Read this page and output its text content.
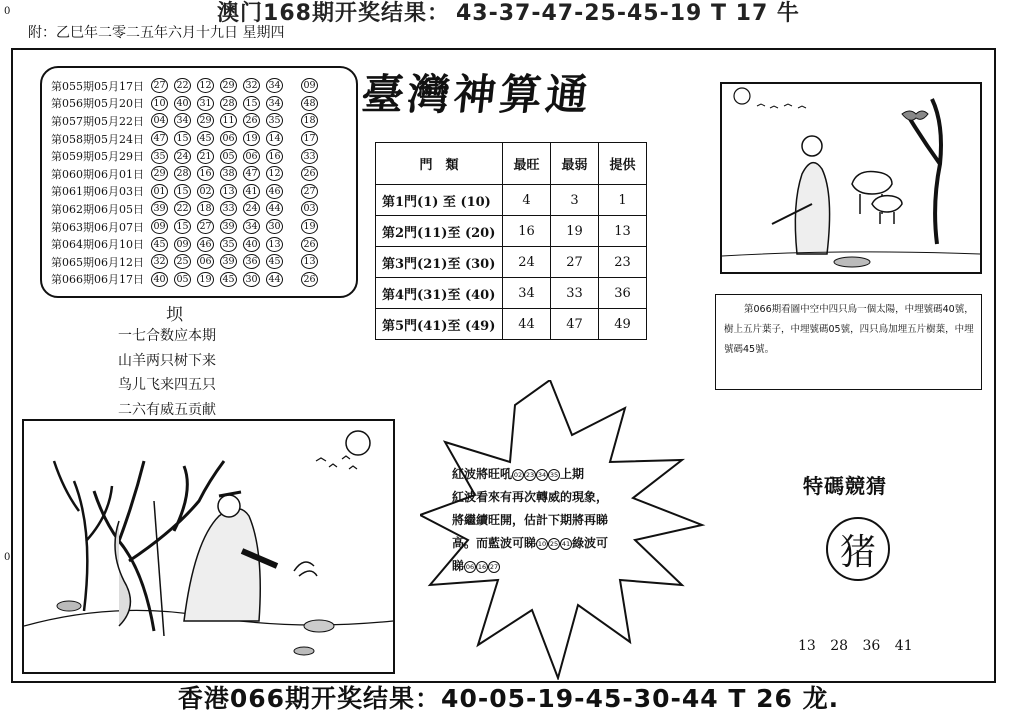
澳门168期开奖结果： 43-37-47-25-45-19 T 17 牛
附：乙巳年二零二五年六月十九日 星期四
0
0
第055期05月17日 27 22 12 29 32 34 09
第056期05月20日 10 40 31 28 15 34 48
第057期05月22日 04 34 29 11 26 35 18
第058期05月24日 47 15 45 06 19 14 17
第059期05月29日 35 24 21 05 06 16 33
第060期06月01日 29 28 16 38 47 12 26
第061期06月03日 01 15 02 13 41 46 27
第062期06月05日 39 22 18 33 24 44 03
第063期06月07日 09 15 27 39 34 30 19
第064期06月10日 45 09 46 35 40 13 26
第065期06月12日 32 25 06 39 36 45 13
第066期06月17日 40 05 19 45 30 44 26
臺灣神算通
門　類	最旺	最弱	提供
第1門(1) 至 (10)	4	3	1
第2門(11)至 (20)	16	19	13
第3門(21)至 (30)	24	27	23
第4門(31)至 (40)	34	33	36
第5門(41)至 (49)	44	47	49
坝
一七合数应本期
山羊两只树下来
鸟儿飞来四五只
二六有威五贡献
第066期看圖中空中四只鳥一個太陽，中埋號碼40號，樹上五片葉子，中埋號碼05號，四只鳥加埋五片樹葉，中埋號碼45號。
紅波將旺吼 02 23 34 35 上期
紅波看來有再次轉威的現象，
將繼續旺開，估計下期將再睇
高。而藍波可睇 10 25 41 綠波可
睇 06 16 27
特碼競猜
猪
13 28 36 41
香港066期开奖结果：40-05-19-45-30-44 T 26 龙.
